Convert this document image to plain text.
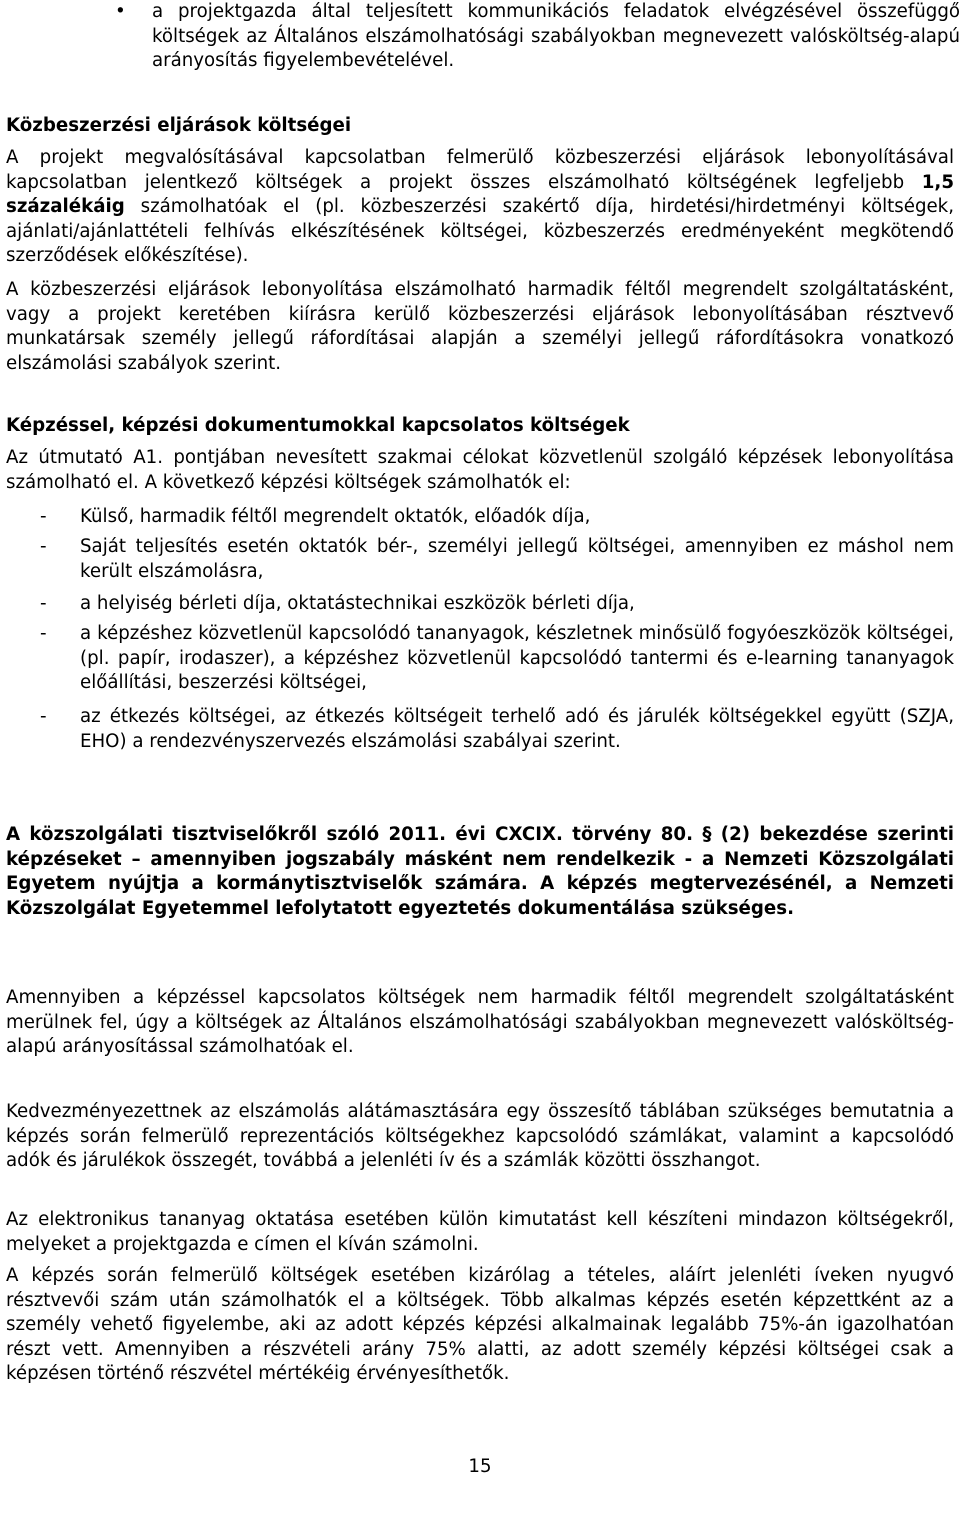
• a projektgazda által teljesített kommunikációs feladatok elvégzésével összefüggő költségek az Általános elszámolhatósági szabályokban megnevezett valósköltség-alapú arányosítás figyelembevételével.

Közbeszerzési eljárások költségei

A projekt megvalósításával kapcsolatban felmerülő közbeszerzési eljárások lebonyolításával kapcsolatban jelentkező költségek a projekt összes elszámolható költségének legfeljebb 1,5 százalékáig számolhatóak el (pl. közbeszerzési szakértő díja, hirdetési/hirdetményi költségek, ajánlati/ajánlattételi felhívás elkészítésének költségei, közbeszerzés eredményeként megkötendő szerződések előkészítése).

A közbeszerzési eljárások lebonyolítása elszámolható harmadik féltől megrendelt szolgáltatásként, vagy a projekt keretében kiírásra kerülő közbeszerzési eljárások lebonyolításában résztvevő munkatársak személy jellegű ráfordításai alapján a személyi jellegű ráfordításokra vonatkozó elszámolási szabályok szerint.

Képzéssel, képzési dokumentumokkal kapcsolatos költségek

Az útmutató A1. pontjában nevesített szakmai célokat közvetlenül szolgáló képzések lebonyolítása számolható el. A következő képzési költségek számolhatók el:

- Külső, harmadik féltől megrendelt oktatók, előadók díja,
- Saját teljesítés esetén oktatók bér-, személyi jellegű költségei, amennyiben ez máshol nem került elszámolásra,
- a helyiség bérleti díja, oktatástechnikai eszközök bérleti díja,
- a képzéshez közvetlenül kapcsolódó tananyagok, készletnek minősülő fogyóeszközök költségei, (pl. papír, irodaszer), a képzéshez közvetlenül kapcsolódó tantermi és e-learning tananyagok előállítási, beszerzési költségei,
- az étkezés költségei, az étkezés költségeit terhelő adó és járulék költségekkel együtt (SZJA, EHO) a rendezvényszervezés elszámolási szabályai szerint.

A közszolgálati tisztviselőkről szóló 2011. évi CXCIX. törvény 80. § (2) bekezdése szerinti képzéseket – amennyiben jogszabály másként nem rendelkezik - a Nemzeti Közszolgálati Egyetem nyújtja a kormánytisztviselők számára. A képzés megtervezésénél, a Nemzeti Közszolgálat Egyetemmel lefolytatott egyeztetés dokumentálása szükséges.

Amennyiben a képzéssel kapcsolatos költségek nem harmadik féltől megrendelt szolgáltatásként merülnek fel, úgy a költségek az Általános elszámolhatósági szabályokban megnevezett valósköltség-alapú arányosítással számolhatóak el.

Kedvezményezettnek az elszámolás alátámasztására egy összesítő táblában szükséges bemutatnia a képzés során felmerülő reprezentációs költségekhez kapcsolódó számlákat, valamint a kapcsolódó adók és járulékok összegét, továbbá a jelenléti ív és a számlák közötti összhangot.

Az elektronikus tananyag oktatása esetében külön kimutatást kell készíteni mindazon költségekről, melyeket a projektgazda e címen el kíván számolni.

A képzés során felmerülő költségek esetében kizárólag a tételes, aláírt jelenléti íveken nyugvó résztvevői szám után számolhatók el a költségek. Több alkalmas képzés esetén képzettként az a személy vehető figyelembe, aki az adott képzés képzési alkalmainak legalább 75%-án igazolhatóan részt vett. Amennyiben a részvételi arány 75% alatti, az adott személy képzési költségei csak a képzésen történő részvétel mértékéig érvényesíthetők.

15
